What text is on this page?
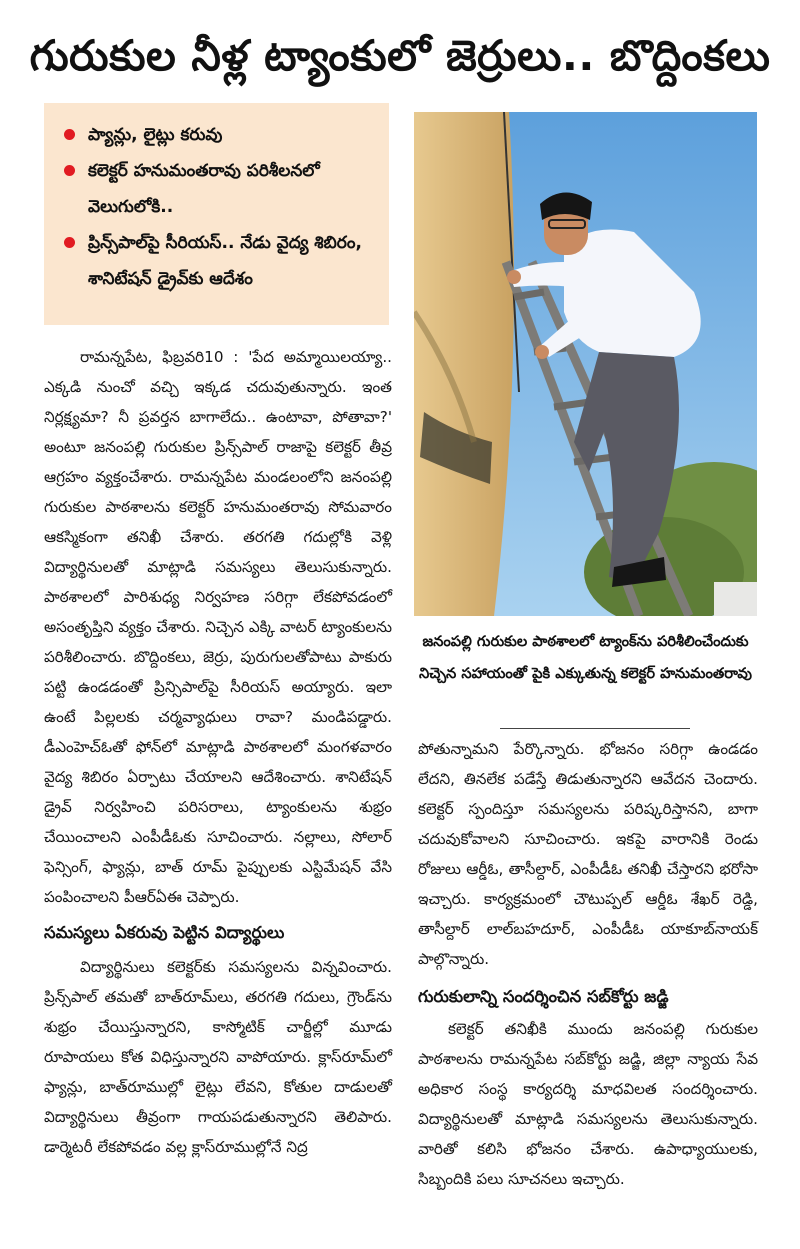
గురుకుల నీళ్ల ట్యాంకులో జెర్రులు.. బొద్దింకలు
ప్యాన్లు, లైట్లు కరువు
కలెక్టర్ హనుమంతరావు పరిశీలనలో వెలుగులోకి..
ప్రిన్స్‌పాల్‌పై సీరియస్.. నేడు వైద్య శిబిరం, శానిటేషన్ డ్రైవ్‌కు ఆదేశం

రామన్నపేట, ఫిబ్రవరి10 : 'పేద అమ్మాయిలయ్యా.. ఎక్కడి నుంచో వచ్చి ఇక్కడ చదువుతున్నారు. ఇంత నిర్లక్ష్యమా? నీ ప్రవర్తన బాగాలేదు.. ఉంటావా, పోతావా?' అంటూ జనంపల్లి గురుకుల ప్రిన్స్‌పాల్ రాజాపై కలెక్టర్ తీవ్ర ఆగ్రహం వ్యక్తంచేశారు. రామన్నపేట మండలంలోని జనంపల్లి గురుకుల పాఠశాలను కలెక్టర్ హనుమంతరావు సోమవారం ఆకస్మికంగా తనిఖీ చేశారు. తరగతి గదుల్లోకి వెళ్లి విద్యార్థినులతో మాట్లాడి సమస్యలు తెలుసుకున్నారు. పాఠశాలలో పారిశుధ్య నిర్వహణ సరిగ్గా లేకపోవడంలో అసంతృప్తిని వ్యక్తం చేశారు. నిచ్చెన ఎక్కి వాటర్ ట్యాంకులను పరిశీలించారు. బొద్దింకలు, జెర్రు, పురుగులతోపాటు పాకురు పట్టి ఉండడంతో ప్రిన్సిపాల్‌పై సీరియస్ అయ్యారు. ఇలా ఉంటే పిల్లలకు చర్మవ్యాధులు రావా? మండిపడ్డారు. డీఎంహెచ్‌ఓతో ఫోన్‌లో మాట్లాడి పాఠశాలలో మంగళవారం వైద్య శిబిరం ఏర్పాటు చేయాలని ఆదేశించారు. శానిటేషన్ డ్రైవ్ నిర్వహించి పరిసరాలు, ట్యాంకులను శుభ్రం చేయించాలని ఎంపీడీఓకు సూచించారు. నల్లాలు, సోలార్ ఫెన్సింగ్, ఫ్యాన్లు, బాత్ రూమ్ పైప్పులకు ఎస్టిమేషన్ వేసి పంపించాలని పీఆర్ఏఈ చెప్పారు.

సమస్యలు ఏకరువు పెట్టిన విద్యార్థులు

విద్యార్థినులు కలెక్టర్‌కు సమస్యలను విన్నవించారు. ప్రిన్స్‌పాల్ తమతో బాత్‌రూమ్‌లు, తరగతి గదులు, గ్రౌండ్‌ను శుభ్రం చేయిస్తున్నారని, కాస్మోటిక్ చార్జీల్లో మూడు రూపాయలు కోత విధిస్తున్నారని వాపోయారు. క్లాస్‌రూమ్‌లో ఫ్యాన్లు, బాత్‌రూముల్లో లైట్లు లేవని, కోతుల దాడులతో విద్యార్థినులు తీవ్రంగా గాయపడుతున్నారని తెలిపారు. డార్మెటరీ లేకపోవడం వల్ల క్లాస్‌రూముల్లోనే నిద్ర

జనంపల్లి గురుకుల పాఠశాలలో ట్యాంక్‌ను పరిశీలించేందుకు నిచ్చెన సహాయంతో పైకి ఎక్కుతున్న కలెక్టర్ హనుమంతరావు

పోతున్నామని పేర్కొన్నారు. భోజనం సరిగ్గా ఉండడం లేదని, తినలేక పడేస్తే తిడుతున్నారని ఆవేదన చెందారు. కలెక్టర్ స్పందిస్తూ సమస్యలను పరిష్కరిస్తానని, బాగా చదువుకోవాలని సూచించారు. ఇకపై వారానికి రెండు రోజులు ఆర్డీఓ, తాసీల్దార్, ఎంపీడీఓ తనిఖీ చేస్తారని భరోసా ఇచ్చారు. కార్యక్రమంలో చౌటుప్పల్ ఆర్డీఓ శేఖర్ రెడ్డి, తాసీల్దార్ లాల్‌బహదూర్, ఎంపీడీఓ యాకూబ్‌నాయక్ పాల్గొన్నారు.

గురుకులాన్ని సందర్శించిన సబ్‌కోర్టు జడ్జి

కలెక్టర్ తనిఖీకి ముందు జనంపల్లి గురుకుల పాఠశాలను రామన్నపేట సబ్‌కోర్టు జడ్జి, జిల్లా న్యాయ సేవ అధికార సంస్థ కార్యదర్శి మాధవిలత సందర్శించారు. విద్యార్థినులతో మాట్లాడి సమస్యలను తెలుసుకున్నారు. వారితో కలిసి భోజనం చేశారు. ఉపాధ్యాయులకు, సిబ్బందికి పలు సూచనలు ఇచ్చారు.
